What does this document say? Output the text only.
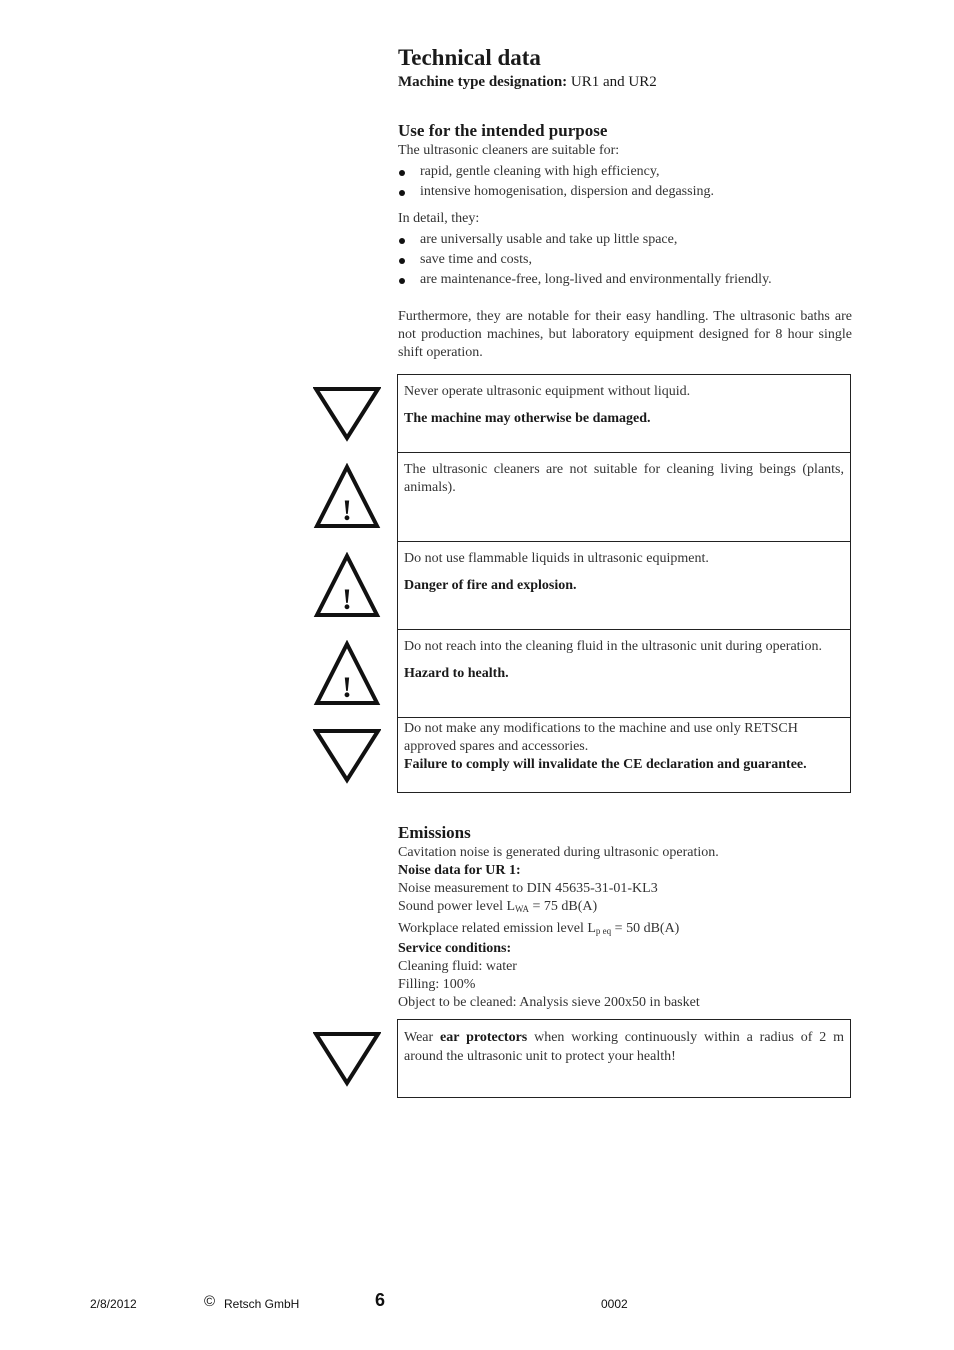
Technical data

Machine type designation: UR1 and UR2

Use for the intended purpose

The ultrasonic cleaners are suitable for:

rapid, gentle cleaning with high efficiency,
intensive homogenisation, dispersion and degassing.

In detail, they:

are universally usable and take up little space,
save time and costs,
are maintenance-free, long-lived and environmentally friendly.

Furthermore, they are notable for their easy handling. The ultrasonic baths are not production machines, but laboratory equipment designed for 8 hour single shift operation.

Never operate ultrasonic equipment without liquid.

The machine may otherwise be damaged.

!

The ultrasonic cleaners are not suitable for cleaning living beings (plants, animals).

!

Do not use flammable liquids in ultrasonic equipment.

Danger of fire and explosion.

!

Do not reach into the cleaning fluid in the ultrasonic unit during operation.

Hazard to health.

Do not make any modifications to the machine and use only RETSCH approved spares and accessories.

Failure to comply will invalidate the CE declaration and guarantee.

Emissions

Cavitation noise is generated during ultrasonic operation.

Noise data for UR 1:

Noise measurement to DIN 45635-31-01-KL3

Sound power level $L_{WA} = 75$ dB(A)

Workplace related emission level $L_{p eq} = 50$ dB(A)

Service conditions:

Cleaning fluid: water

Filling: 100%

Object to be cleaned: Analysis sieve 200x50 in basket

Wear ear protectors when working continuously within a radius of 2 m around the ultrasonic unit to protect your health!

2/8/2012	© Retsch GmbH	6	0002
